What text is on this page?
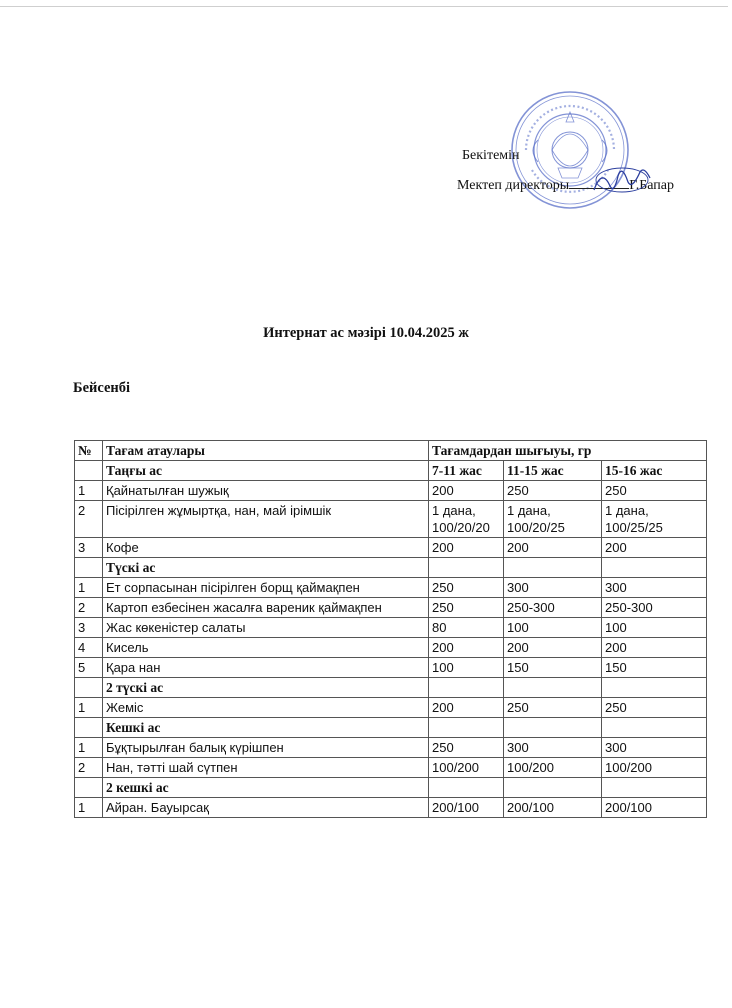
Бекітемін
Мектеп директоры	Г.Бапар
Интернат ас мәзірі 10.04.2025 ж
Бейсенбі
№	Тағам атаулары	Тағамдардан шығыуы, гр		
	Таңғы ас	7-11 жас	11-15 жас	15-16 жас
1	Қайнатылған шужық	200	250	250
2	Пісірілген жұмыртқа, нан, май ірімшік	1 дана, 100/20/20	1 дана, 100/20/25	1 дана, 100/25/25
3	Кофе	200	200	200
	Түскі ас			
1	Ет сорпасынан пісірілген борщ қаймақпен	250	300	300
2	Картоп езбесінен жасалға вареник қаймақпен	250	250-300	250-300
3	Жас көкеністер салаты	80	100	100
4	Кисель	200	200	200
5	Қара нан	100	150	150
	2 түскі ас			
1	Жеміс	200	250	250
	Кешкі ас			
1	Бұқтырылған балық күрішпен	250	300	300
2	Нан, тәтті шай сүтпен	100/200	100/200	100/200
	2 кешкі ас			
1	Айран. Бауырсақ	200/100	200/100	200/100
